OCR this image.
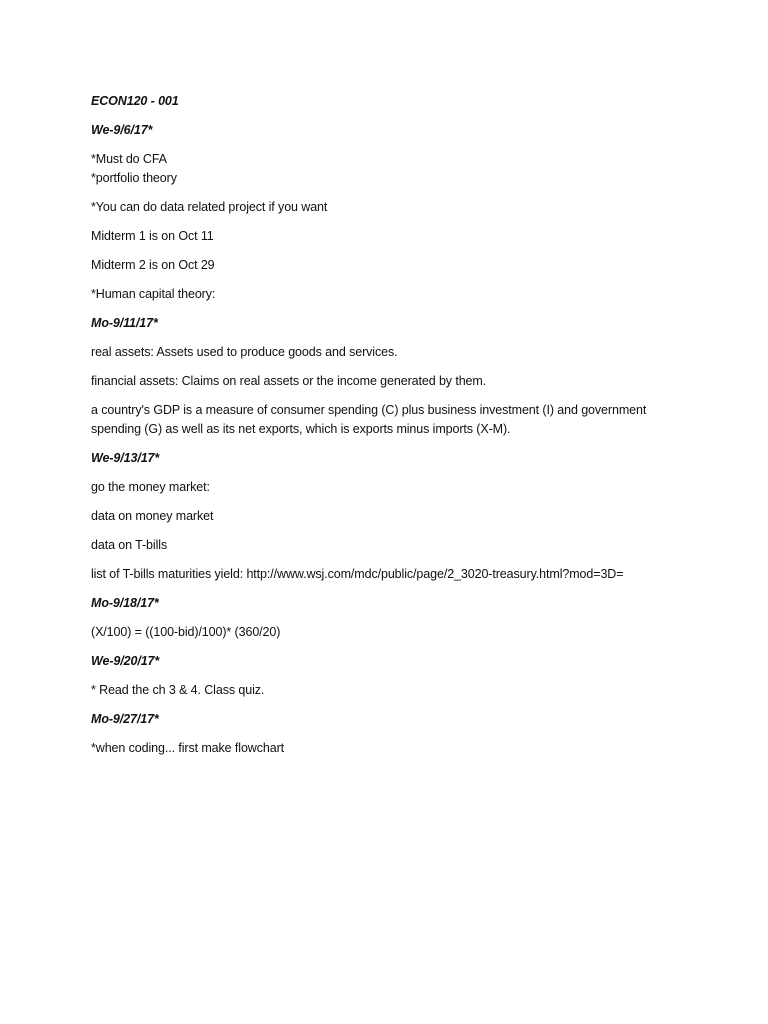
ECON120 - 001

We-9/6/17*

*Must do CFA

*portfolio theory

*You can do data related project if you want

Midterm 1 is on Oct 11

Midterm 2 is on Oct 29

*Human capital theory:

Mo-9/11/17*

real assets: Assets used to produce goods and services.

financial assets: Claims on real assets or the income generated by them.

a country's GDP is a measure of consumer spending (C) plus business investment (I) and government spending (G) as well as its net exports, which is exports minus imports (X-M).

We-9/13/17*

go the money market:

data on money market

data on T-bills

list of T-bills maturities yield: http://www.wsj.com/mdc/public/page/2_3020-treasury.html?mod=3D=

Mo-9/18/17*

(X/100) = ((100-bid)/100)* (360/20)

We-9/20/17*

* Read the ch 3 & 4. Class quiz.

Mo-9/27/17*

*when coding... first make flowchart
